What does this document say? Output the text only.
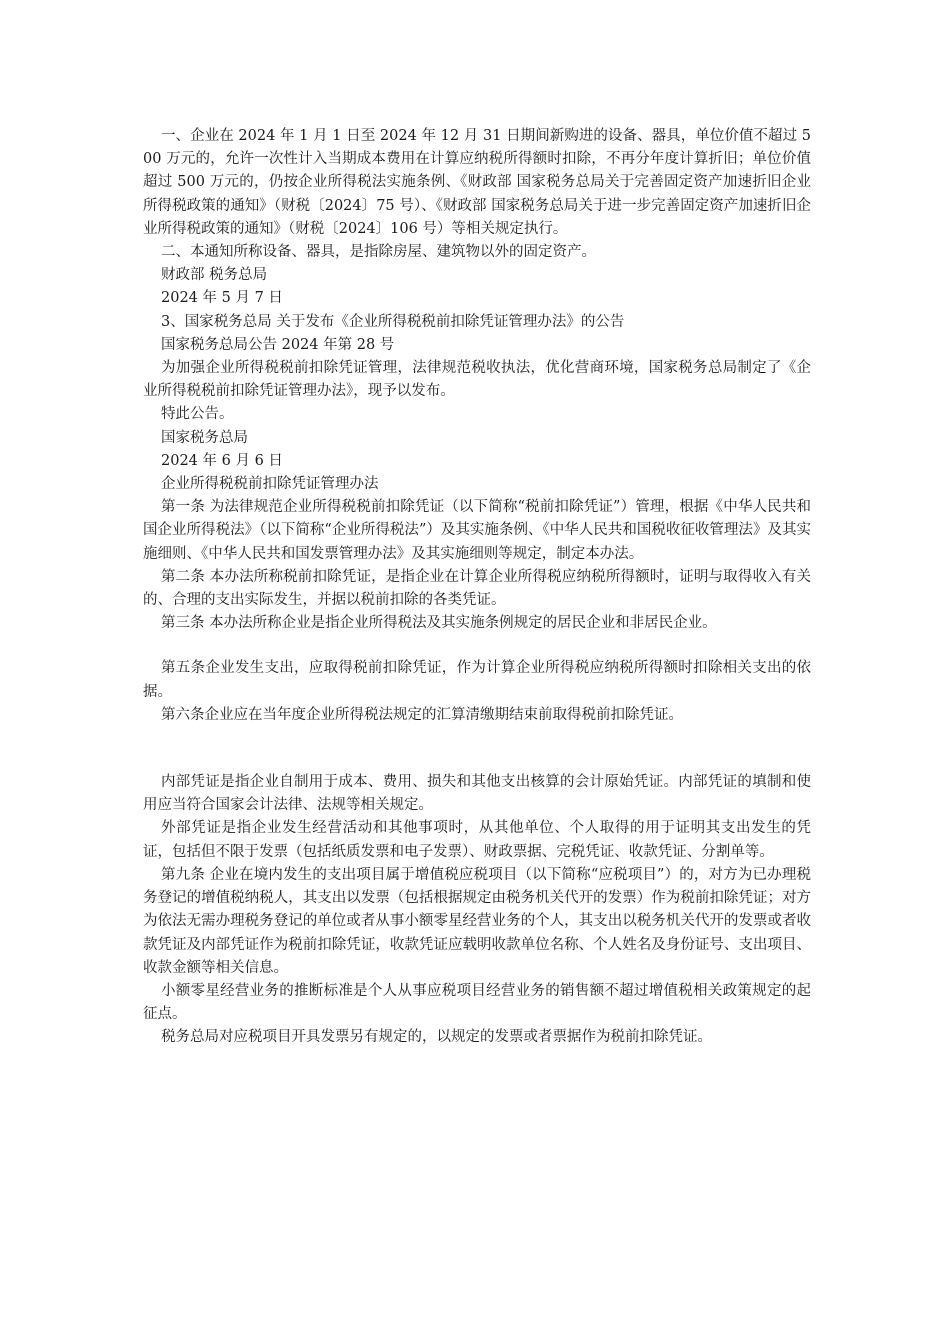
一、企业在 2024 年 1 月 1 日至 2024 年 12 月 31 日期间新购进的设备、器具，单位价值不超过 500 万元的，允许一次性计入当期成本费用在计算应纳税所得额时扣除，不再分年度计算折旧；单位价值超过 500 万元的，仍按企业所得税法实施条例、《财政部 国家税务总局关于完善固定资产加速折旧企业所得税政策的通知》（财税〔2024〕75 号）、《财政部 国家税务总局关于进一步完善固定资产加速折旧企业所得税政策的通知》（财税〔2024〕106 号）等相关规定执行。

二、本通知所称设备、器具，是指除房屋、建筑物以外的固定资产。

财政部 税务总局

2024 年 5 月 7 日

3、国家税务总局 关于发布《企业所得税税前扣除凭证管理办法》的公告

国家税务总局公告 2024 年第 28 号

为加强企业所得税税前扣除凭证管理，法律规范税收执法，优化营商环境，国家税务总局制定了《企业所得税税前扣除凭证管理办法》，现予以发布。

特此公告。

国家税务总局

2024 年 6 月 6 日

企业所得税税前扣除凭证管理办法

第一条 为法律规范企业所得税税前扣除凭证（以下简称“税前扣除凭证”）管理，根据《中华人民共和国企业所得税法》（以下简称“企业所得税法”）及其实施条例、《中华人民共和国税收征收管理法》及其实施细则、《中华人民共和国发票管理办法》及其实施细则等规定，制定本办法。

第二条 本办法所称税前扣除凭证，是指企业在计算企业所得税应纳税所得额时，证明与取得收入有关的、合理的支出实际发生，并据以税前扣除的各类凭证。

第三条 本办法所称企业是指企业所得税法及其实施条例规定的居民企业和非居民企业。

第五条企业发生支出，应取得税前扣除凭证，作为计算企业所得税应纳税所得额时扣除相关支出的依据。

第六条企业应在当年度企业所得税法规定的汇算清缴期结束前取得税前扣除凭证。

内部凭证是指企业自制用于成本、费用、损失和其他支出核算的会计原始凭证。内部凭证的填制和使用应当符合国家会计法律、法规等相关规定。

外部凭证是指企业发生经营活动和其他事项时，从其他单位、个人取得的用于证明其支出发生的凭证，包括但不限于发票（包括纸质发票和电子发票）、财政票据、完税凭证、收款凭证、分割单等。

第九条 企业在境内发生的支出项目属于增值税应税项目（以下简称“应税项目”）的，对方为已办理税务登记的增值税纳税人，其支出以发票（包括根据规定由税务机关代开的发票）作为税前扣除凭证；对方为依法无需办理税务登记的单位或者从事小额零星经营业务的个人，其支出以税务机关代开的发票或者收款凭证及内部凭证作为税前扣除凭证，收款凭证应载明收款单位名称、个人姓名及身份证号、支出项目、收款金额等相关信息。

小额零星经营业务的推断标准是个人从事应税项目经营业务的销售额不超过增值税相关政策规定的起征点。

税务总局对应税项目开具发票另有规定的，以规定的发票或者票据作为税前扣除凭证。
